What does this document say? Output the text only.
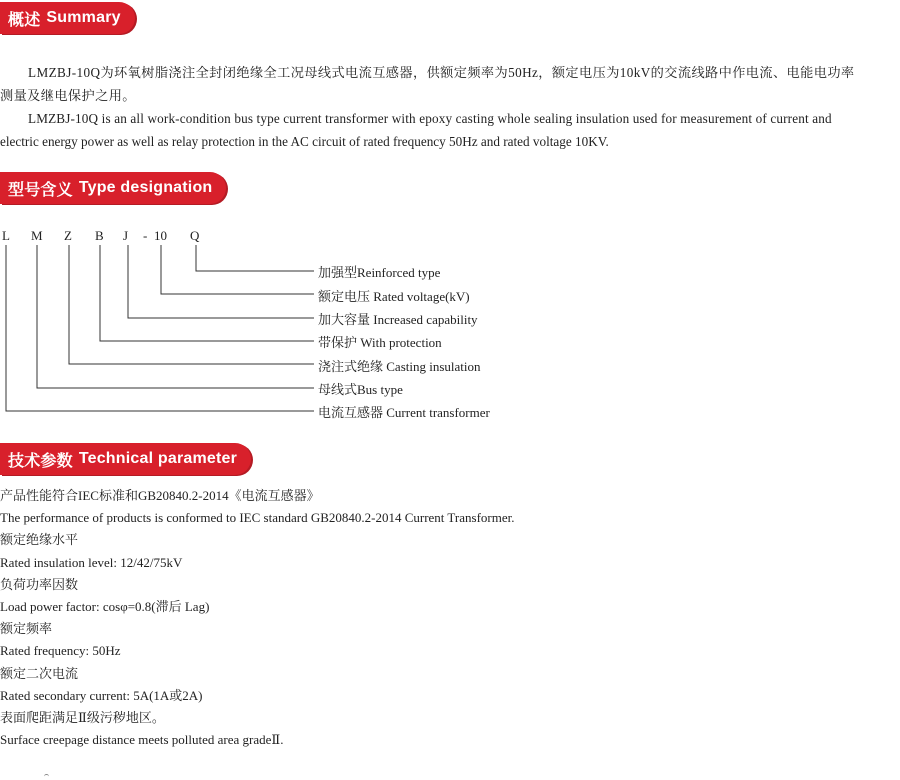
概述 Summary
LMZBJ-10Q为环氧树脂浇注全封闭绝缘全工况母线式电流互感器，供额定频率为50Hz，额定电压为10kV的交流线路中作电流、电能电功率
测量及继电保护之用。
LMZBJ-10Q is an all work-condition bus type current transformer with epoxy casting whole sealing insulation used for measurement of current and
electric energy power as well as relay protection in the AC circuit of rated frequency 50Hz and rated voltage 10KV.
型号含义 Type designation
L M Z B J - 10 Q
加强型Reinforced type
额定电压 Rated voltage(kV)
加大容量 Increased capability
带保护 With protection
浇注式绝缘 Casting insulation
母线式Bus type
电流互感器 Current transformer
技术参数 Technical parameter
产品性能符合IEC标准和GB20840.2-2014《电流互感器》
The performance of products is conformed to IEC standard GB20840.2-2014 Current Transformer.
额定绝缘水平
Rated insulation level: 12/42/75kV
负荷功率因数
Load power factor: cosφ=0.8(滞后 Lag)
额定频率
Rated frequency: 50Hz
额定二次电流
Rated secondary current: 5A(1A或2A)
表面爬距满足Ⅱ级污秽地区。
Surface creepage distance meets polluted area gradeⅡ.
